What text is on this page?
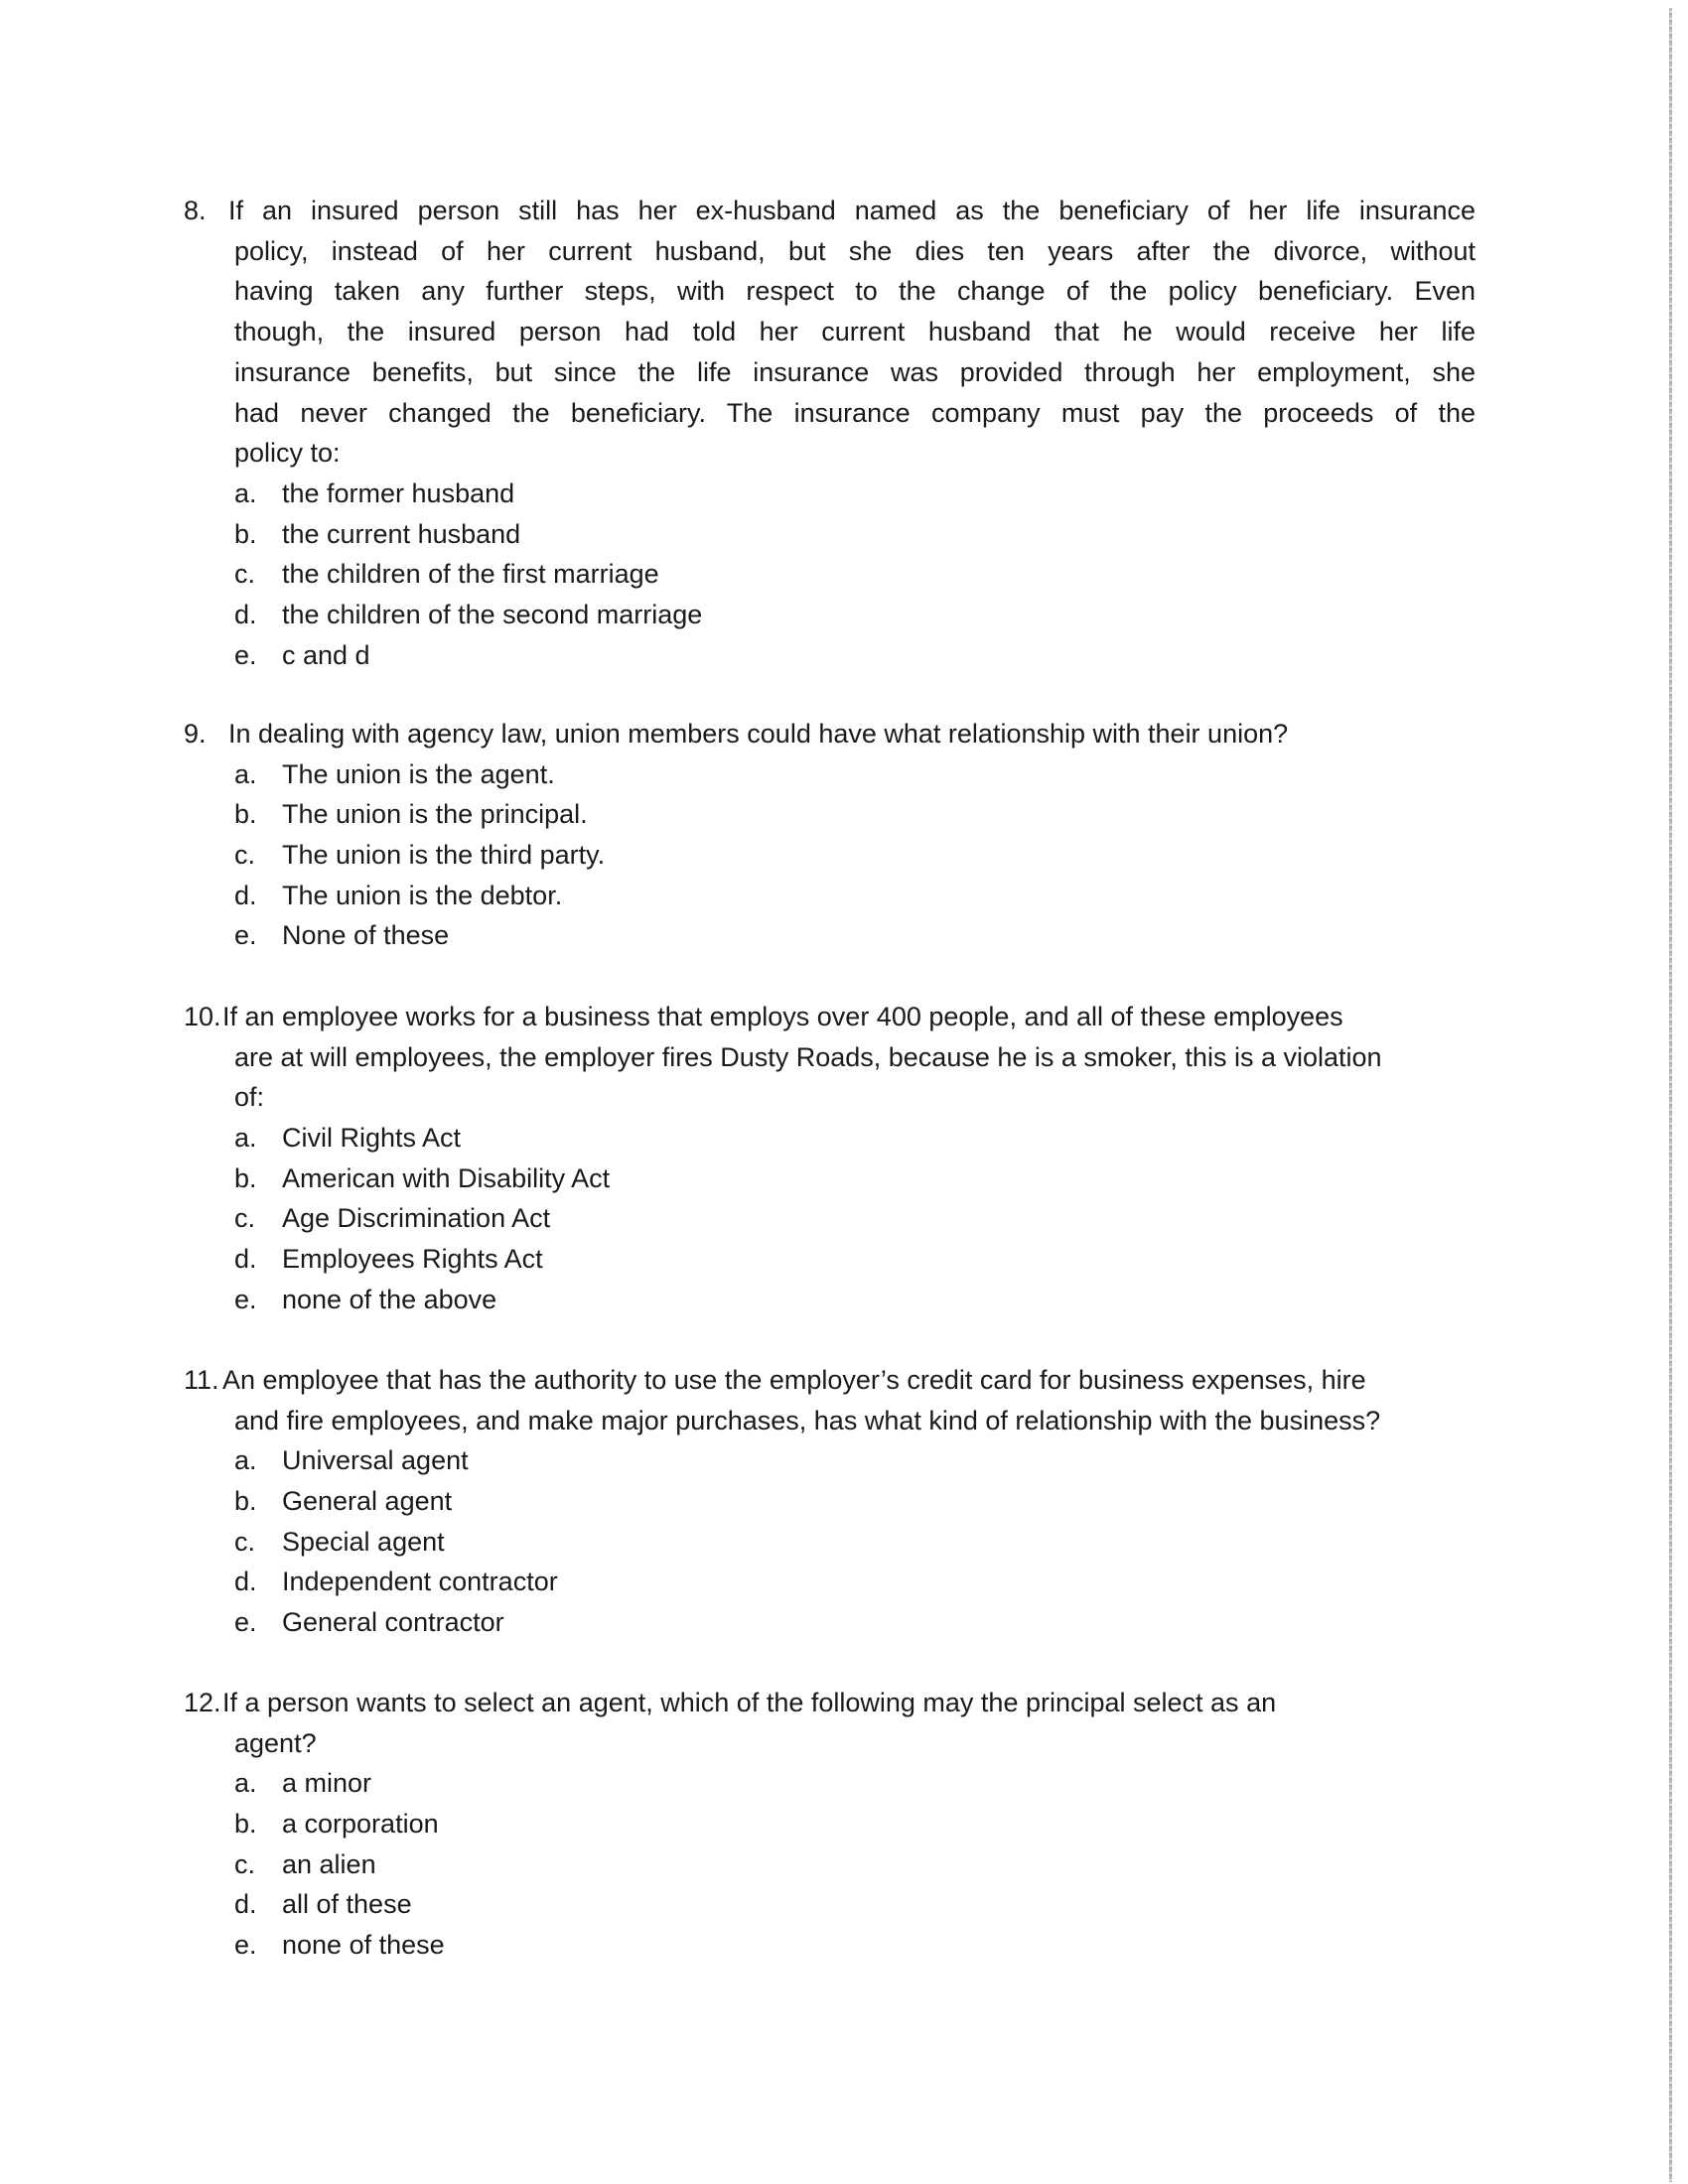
8. If an insured person still has her ex-husband named as the beneficiary of her life insurance
policy, instead of her current husband, but she dies ten years after the divorce, without
having taken any further steps, with respect to the change of the policy beneficiary. Even
though, the insured person had told her current husband that he would receive her life
insurance benefits, but since the life insurance was provided through her employment, she
had never changed the beneficiary. The insurance company must pay the proceeds of the
policy to:
a. the former husband
b. the current husband
c. the children of the first marriage
d. the children of the second marriage
e. c and d
9. In dealing with agency law, union members could have what relationship with their union?
a. The union is the agent.
b. The union is the principal.
c. The union is the third party.
d. The union is the debtor.
e. None of these
10. If an employee works for a business that employs over 400 people, and all of these employees
are at will employees, the employer fires Dusty Roads, because he is a smoker, this is a violation
of:
a. Civil Rights Act
b. American with Disability Act
c. Age Discrimination Act
d. Employees Rights Act
e. none of the above
11. An employee that has the authority to use the employer’s credit card for business expenses, hire
and fire employees, and make major purchases, has what kind of relationship with the business?
a. Universal agent
b. General agent
c. Special agent
d. Independent contractor
e. General contractor
12. If a person wants to select an agent, which of the following may the principal select as an
agent?
a. a minor
b. a corporation
c. an alien
d. all of these
e. none of these
